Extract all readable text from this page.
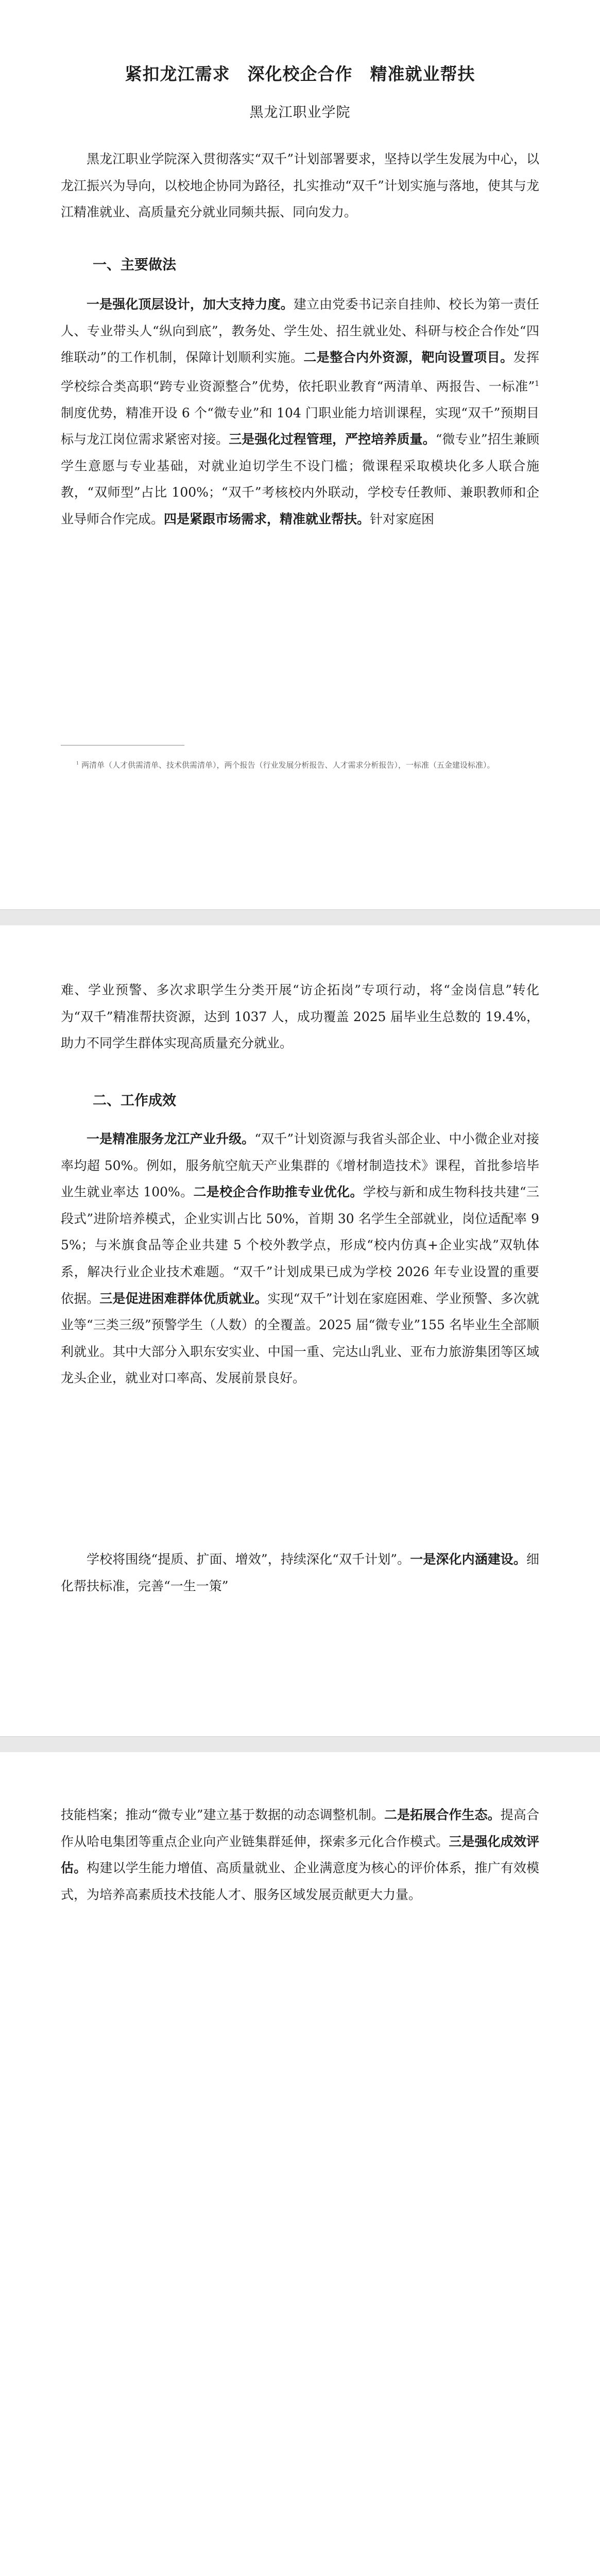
紧扣龙江需求　深化校企合作　精准就业帮扶
黑龙江职业学院

黑龙江职业学院深入贯彻落实“双千”计划部署要求，坚持以学生发展为中心，以龙江振兴为导向，以校地企协同为路径，扎实推动“双千”计划实施与落地，使其与龙江精准就业、高质量充分就业同频共振、同向发力。

一、主要做法

一是强化顶层设计，加大支持力度。建立由党委书记亲自挂帅、校长为第一责任人、专业带头人“纵向到底”，教务处、学生处、招生就业处、科研与校企合作处“四维联动”的工作机制，保障计划顺利实施。二是整合内外资源，靶向设置项目。发挥学校综合类高职“跨专业资源整合”优势，依托职业教育“两清单、两报告、一标准”$^1$制度优势，精准开设 6 个“微专业”和 104 门职业能力培训课程，实现“双千”预期目标与龙江岗位需求紧密对接。三是强化过程管理，严控培养质量。“微专业”招生兼顾学生意愿与专业基础，对就业迫切学生不设门槛；微课程采取模块化多人联合施教，“双师型”占比 100%；“双千”考核校内外联动，学校专任教师、兼职教师和企业导师合作完成。四是紧跟市场需求，精准就业帮扶。针对家庭困

$^1$ 两清单（人才供需清单、技术供需清单），两个报告（行业发展分析报告、人才需求分析报告），一标准（五金建设标准）。

难、学业预警、多次求职学生分类开展“访企拓岗”专项行动，将“金岗信息”转化为“双千”精准帮扶资源，达到 1037 人，成功覆盖 2025 届毕业生总数的 19.4%，助力不同学生群体实现高质量充分就业。

二、工作成效

一是精准服务龙江产业升级。“双千”计划资源与我省头部企业、中小微企业对接率均超 50%。例如，服务航空航天产业集群的《增材制造技术》课程，首批参培毕业生就业率达 100%。二是校企合作助推专业优化。学校与新和成生物科技共建“三段式”进阶培养模式，企业实训占比 50%，首期 30 名学生全部就业，岗位适配率 95%；与米旗食品等企业共建 5 个校外教学点，形成“校内仿真+企业实战”双轨体系，解决行业企业技术难题。“双千”计划成果已成为学校 2026 年专业设置的重要依据。三是促进困难群体优质就业。实现“双千”计划在家庭困难、学业预警、多次就业等“三类三级”预警学生（人数）的全覆盖。2025 届“微专业”155 名毕业生全部顺利就业。其中大部分入职东安实业、中国一重、完达山乳业、亚布力旅游集团等区域龙头企业，就业对口率高、发展前景良好。

学校将围绕“提质、扩面、增效”，持续深化“双千计划”。一是深化内涵建设。细化帮扶标准，完善“一生一策”

技能档案；推动“微专业”建立基于数据的动态调整机制。二是拓展合作生态。提高合作从哈电集团等重点企业向产业链集群延伸，探索多元化合作模式。三是强化成效评估。构建以学生能力增值、高质量就业、企业满意度为核心的评价体系，推广有效模式，为培养高素质技术技能人才、服务区域发展贡献更大力量。
